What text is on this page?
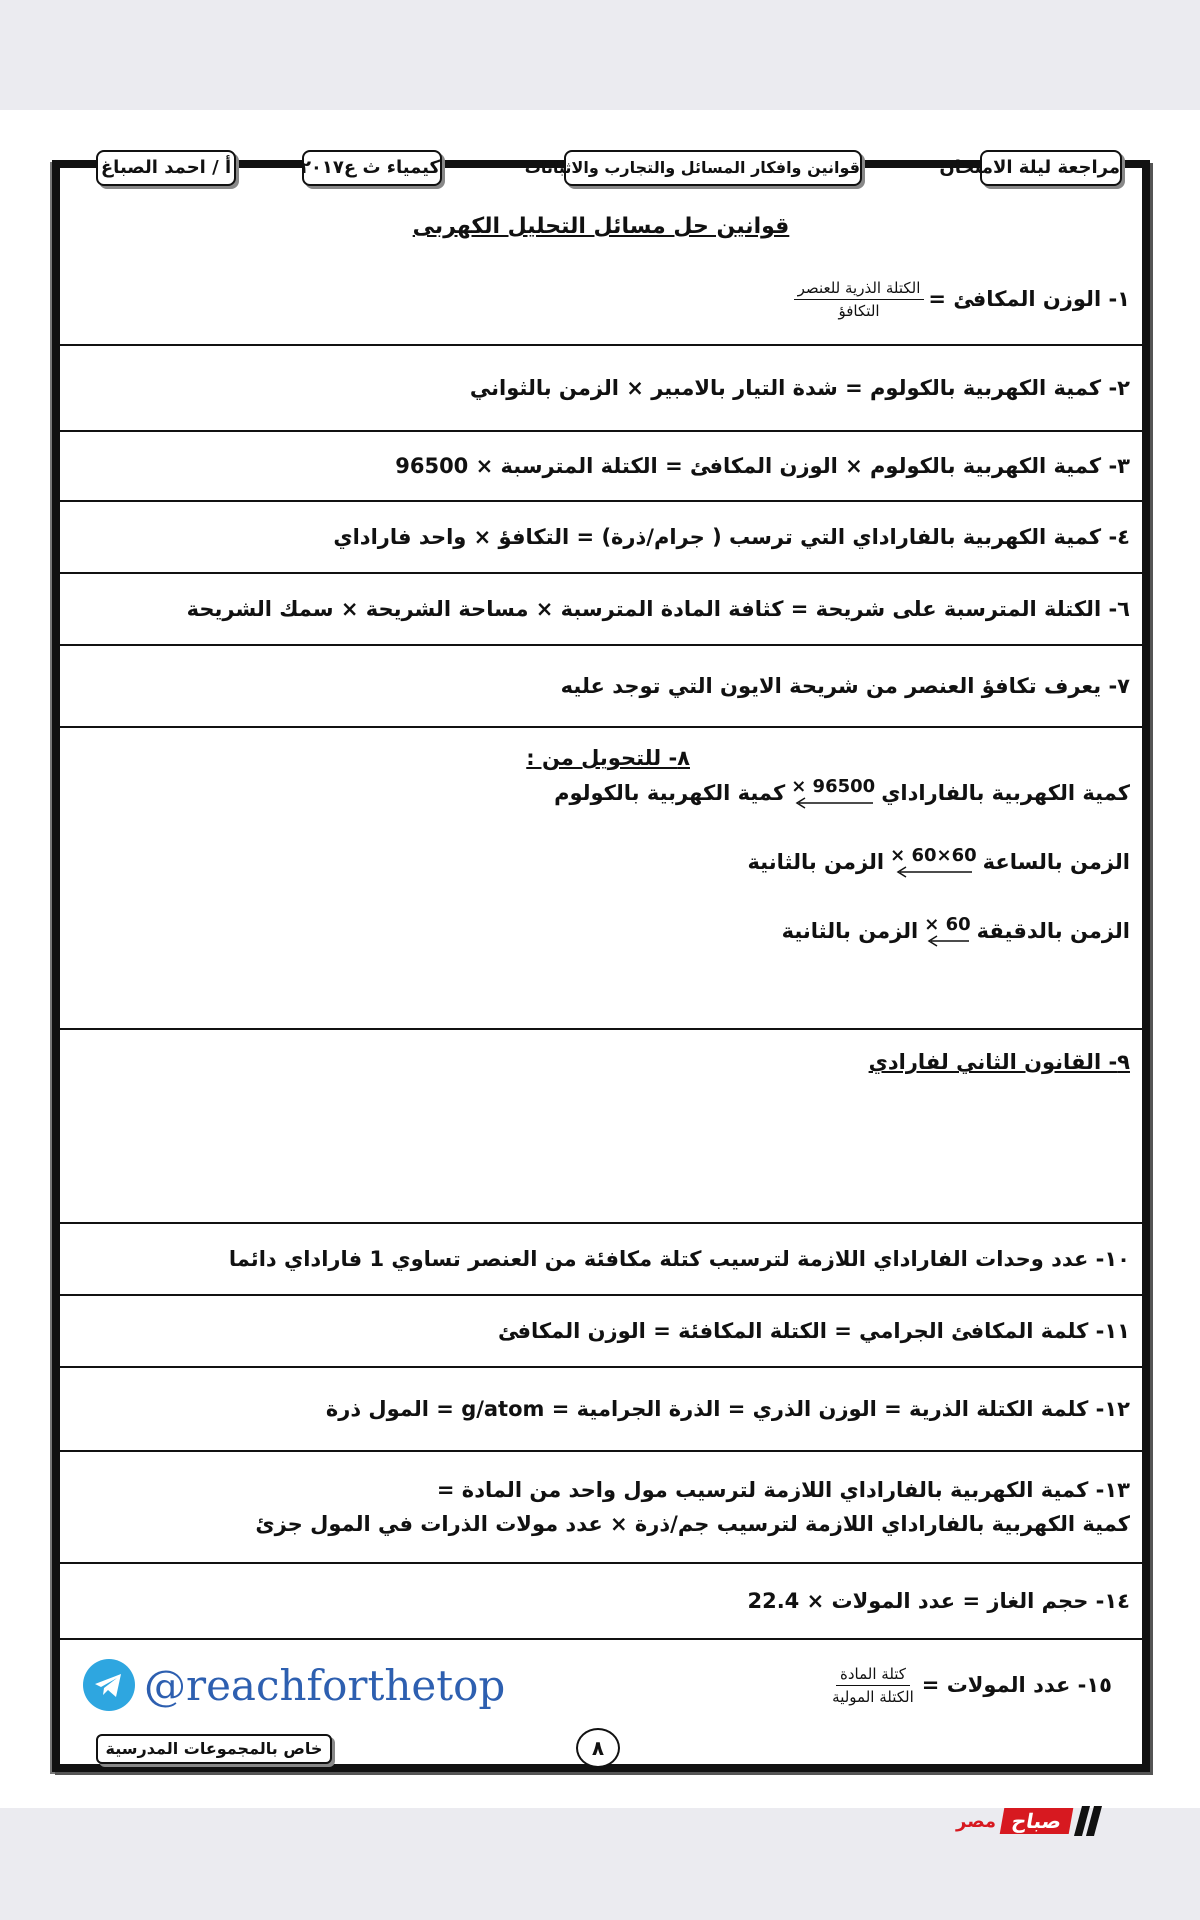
مراجعة ليلة الامتحان
قوانين وافكار المسائل والتجارب والاثباتات
كيمياء ث ع٢٠١٧
أ / احمد الصباغ
قوانين حل مسائل التحليل الكهربى
١- الوزن المكافئ =
$\frac{\text{الكتلة الذرية للعنصر}}{\text{التكافؤ}}$
٢- كمية الكهربية بالكولوم = شدة التيار بالامبير × الزمن بالثواني
٣- كمية الكهربية بالكولوم × الوزن المكافئ = الكتلة المترسبة × 96500
٤- كمية الكهربية بالفاراداي التي ترسب ( جرام/ذرة) = التكافؤ × واحد فاراداي
٦- الكتلة المترسبة على شريحة = كثافة المادة المترسبة × مساحة الشريحة × سمك الشريحة
٧- يعرف تكافؤ العنصر من شريحة الايون التي توجد عليه
٨- للتحويل من :
كمية الكهربية بالفاراداي
× 96500
كمية الكهربية بالكولوم
الزمن بالساعة
× 60×60
الزمن بالثانية
الزمن بالدقيقة
× 60
الزمن بالثانية
٩- القانون الثاني لفارادي
١٠- عدد وحدات الفاراداي اللازمة لترسيب كتلة مكافئة من العنصر تساوي 1 فاراداي دائما
١١- كلمة المكافئ الجرامي = الكتلة المكافئة = الوزن المكافئ
١٢- كلمة الكتلة الذرية = الوزن الذري = الذرة الجرامية = g/atom = المول ذرة
١٣- كمية الكهربية بالفاراداي اللازمة لترسيب مول واحد من المادة =
كمية الكهربية بالفاراداي اللازمة لترسيب جم/ذرة × عدد مولات الذرات في المول جزئ
١٤- حجم الغاز = عدد المولات × 22.4
١٥- عدد المولات =
$\frac{\text{كتلة المادة}}{\text{الكتلة المولية}}$
@reachforthetop
خاص بالمجموعات المدرسية	٨
صباح
مصر
